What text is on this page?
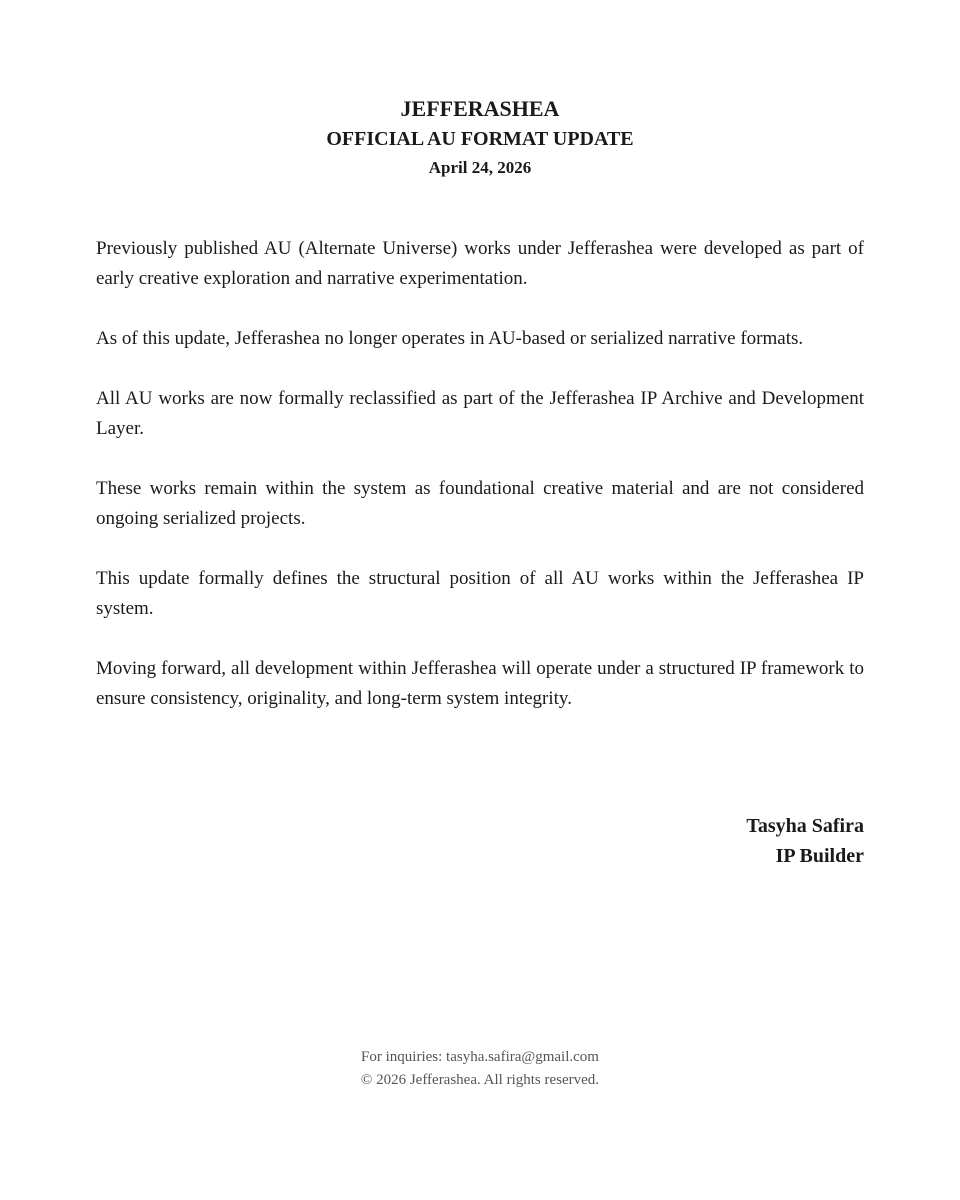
JEFFERASHEA
OFFICIAL AU FORMAT UPDATE
April 24, 2026

Previously published AU (Alternate Universe) works under Jefferashea were developed as part of early creative exploration and narrative experimentation.

As of this update, Jefferashea no longer operates in AU-based or serialized narrative formats.

All AU works are now formally reclassified as part of the Jefferashea IP Archive and Development Layer.

These works remain within the system as foundational creative material and are not considered ongoing serialized projects.

This update formally defines the structural position of all AU works within the Jefferashea IP system.

Moving forward, all development within Jefferashea will operate under a structured IP framework to ensure consistency, originality, and long-term system integrity.

Tasyha Safira
IP Builder
For inquiries: tasyha.safira@gmail.com
© 2026 Jefferashea. All rights reserved.
